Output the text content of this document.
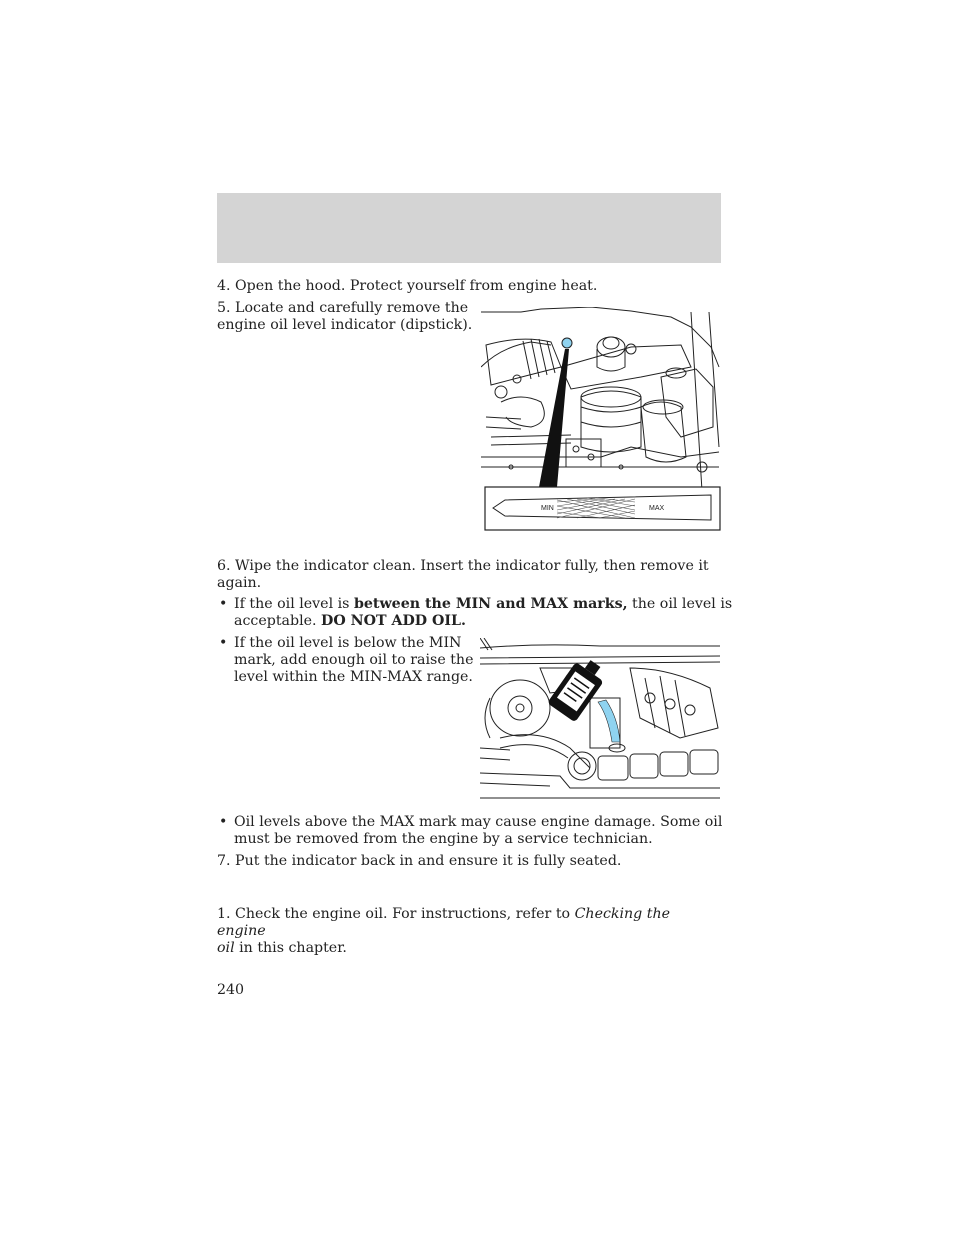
4. Open the hood. Protect yourself from engine heat.

5. Locate and carefully remove the

engine oil level indicator (dipstick).

MIN	MAX

6. Wipe the indicator clean. Insert the indicator fully, then remove it

again.

• If the oil level is between the MIN and MAX marks, the oil level is
acceptable. DO NOT ADD OIL.
• If the oil level is below the MIN
mark, add enough oil to raise the
level within the MIN-MAX range.
• Oil levels above the MAX mark may cause engine damage. Some oil
must be removed from the engine by a service technician.

7. Put the indicator back in and ensure it is fully seated.

1. Check the engine oil. For instructions, refer to Checking the engine
oil in this chapter.

240
